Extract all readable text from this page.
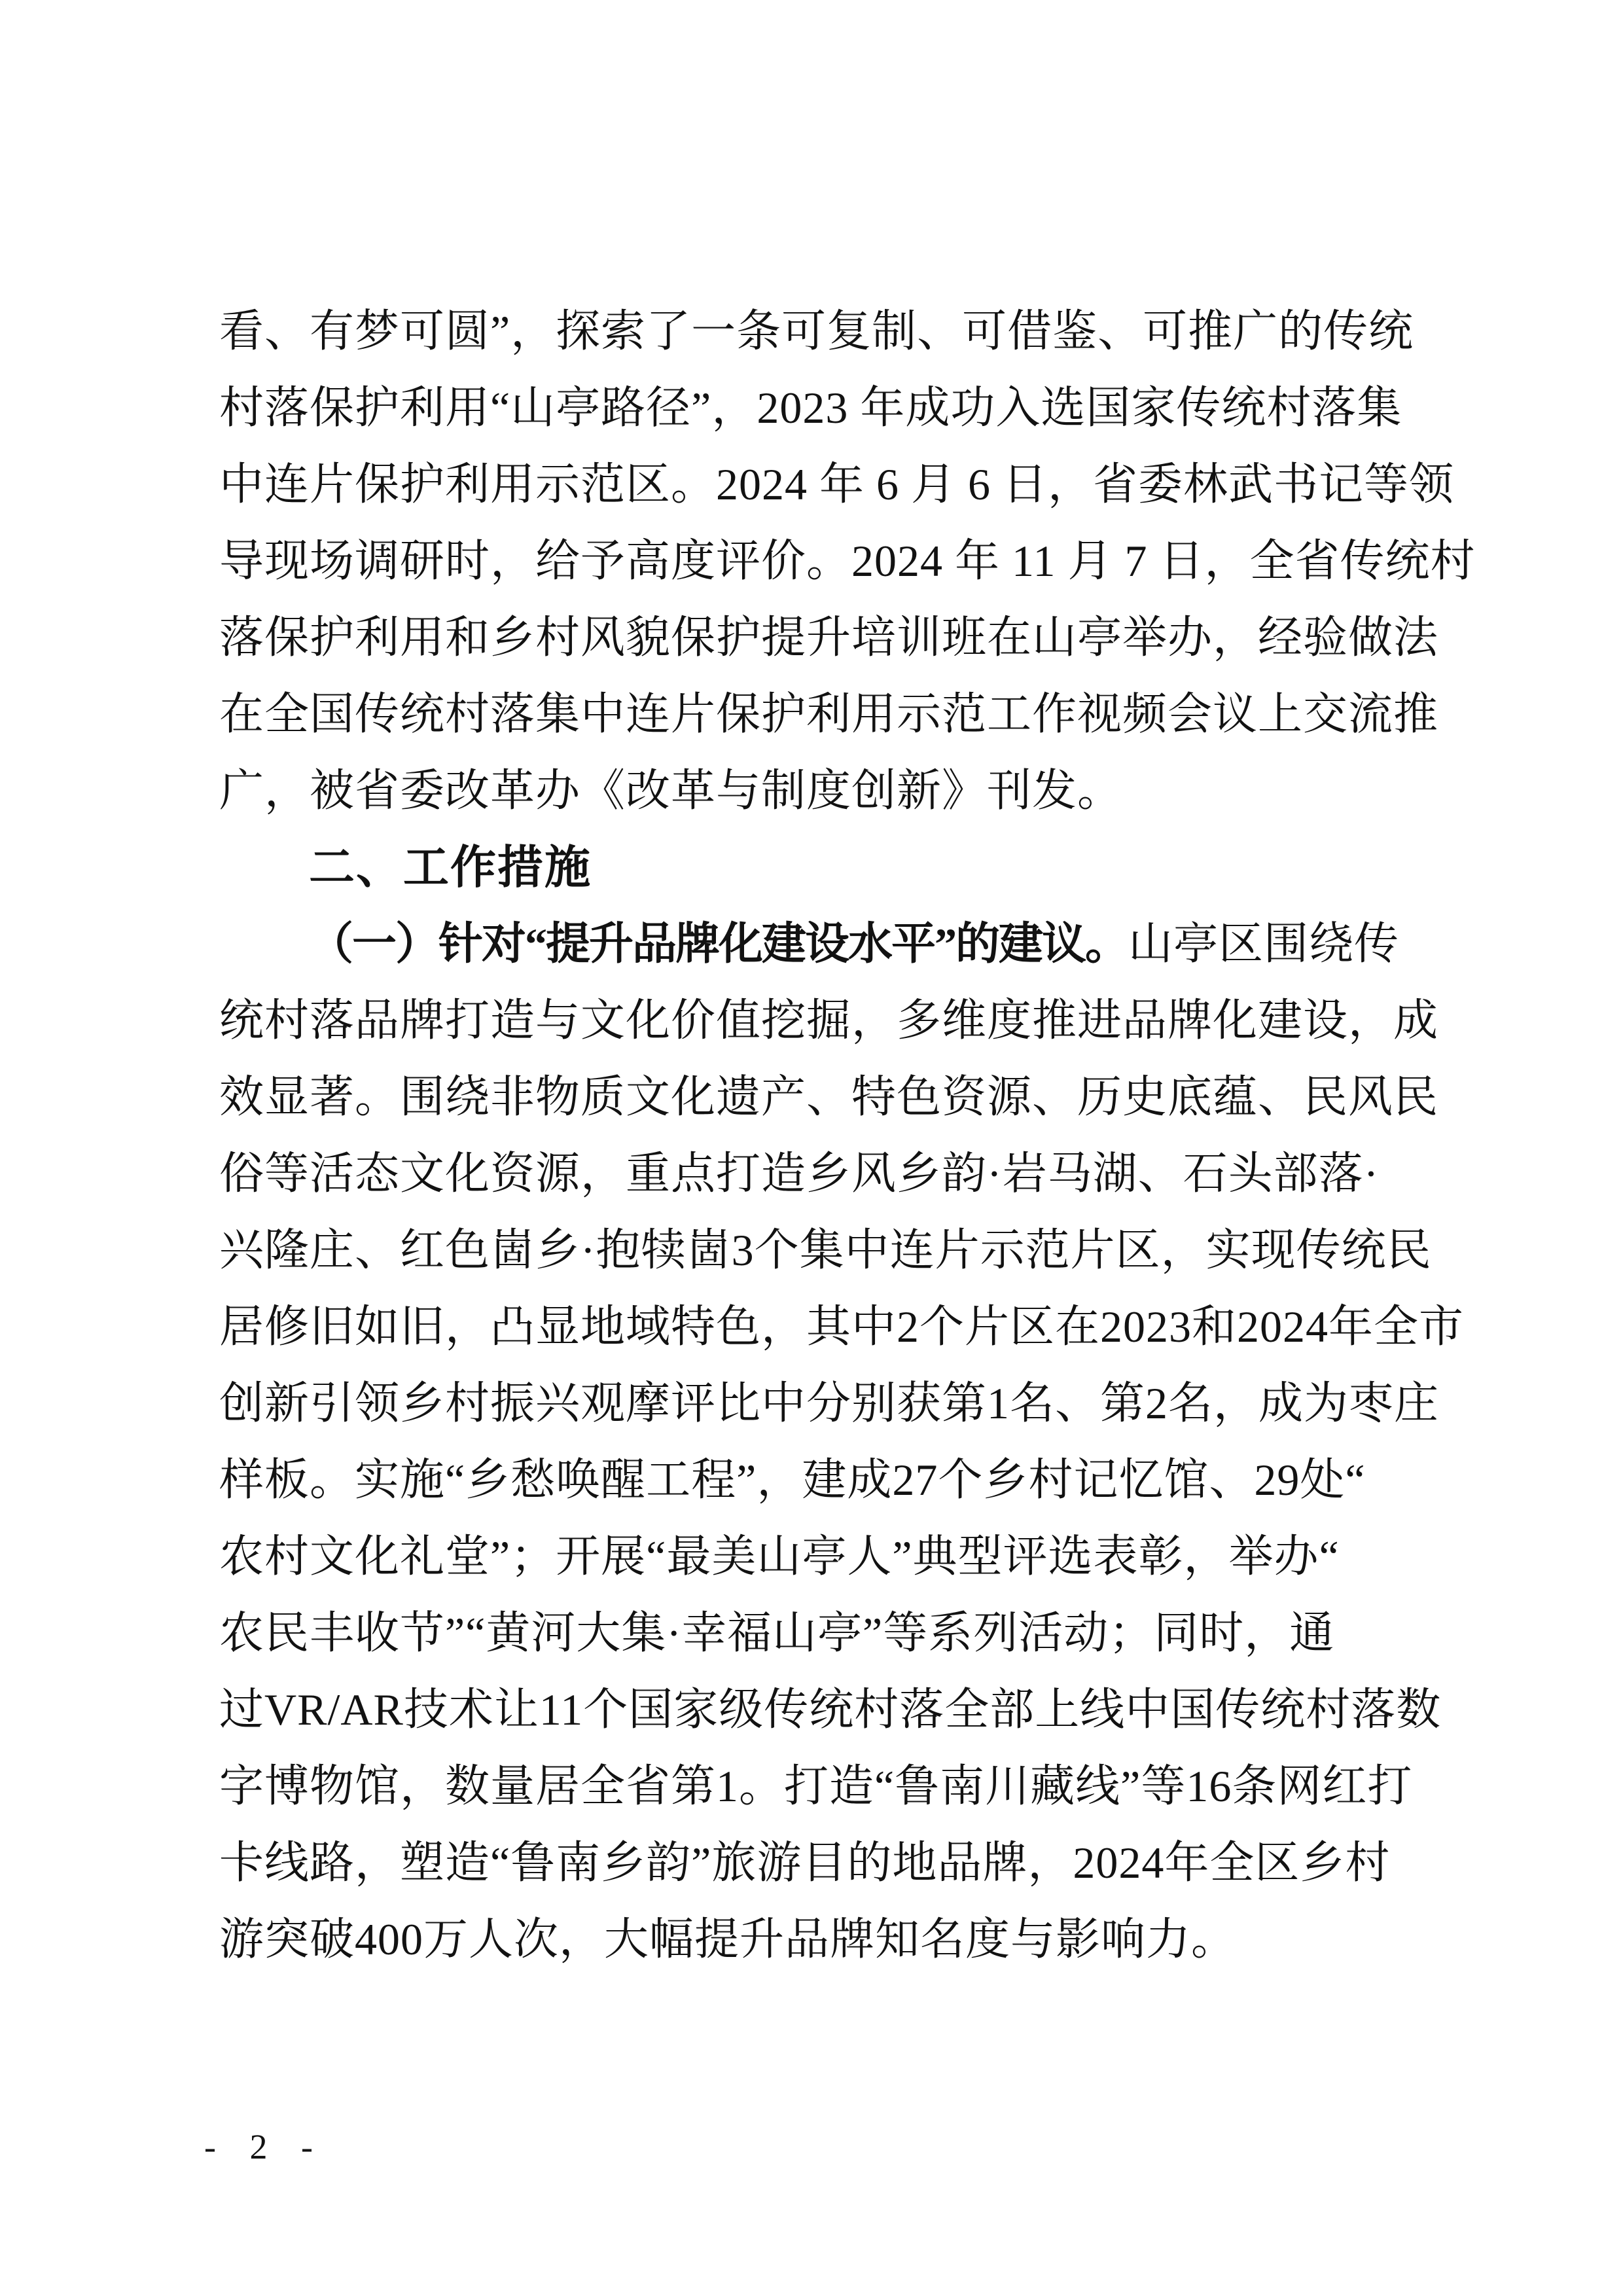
看、有梦可圆”，探索了一条可复制、可借鉴、可推广的传统
村落保护利用“山亭路径”，2023 年成功入选国家传统村落集
中连片保护利用示范区。2024 年 6 月 6 日，省委林武书记等领
导现场调研时，给予高度评价。2024 年 11 月 7 日，全省传统村
落保护利用和乡村风貌保护提升培训班在山亭举办，经验做法
在全国传统村落集中连片保护利用示范工作视频会议上交流推
广，被省委改革办《改革与制度创新》刊发。
二、工作措施
（一）针对“提升品牌化建设水平”的建议。山亭区围绕传
统村落品牌打造与文化价值挖掘，多维度推进品牌化建设，成
效显著。围绕非物质文化遗产、特色资源、历史底蕴、民风民
俗等活态文化资源，重点打造乡风乡韵·岩马湖、石头部落·
兴隆庄、红色崮乡·抱犊崮3个集中连片示范片区，实现传统民
居修旧如旧，凸显地域特色，其中2个片区在2023和2024年全市
创新引领乡村振兴观摩评比中分别获第1名、第2名，成为枣庄
样板。实施“乡愁唤醒工程”，建成27个乡村记忆馆、29处“
农村文化礼堂”；开展“最美山亭人”典型评选表彰，举办“
农民丰收节”“黄河大集·幸福山亭”等系列活动；同时，通
过VR/AR技术让11个国家级传统村落全部上线中国传统村落数
字博物馆，数量居全省第1。打造“鲁南川藏线”等16条网红打
卡线路，塑造“鲁南乡韵”旅游目的地品牌，2024年全区乡村
游突破400万人次，大幅提升品牌知名度与影响力。
- 2 -
